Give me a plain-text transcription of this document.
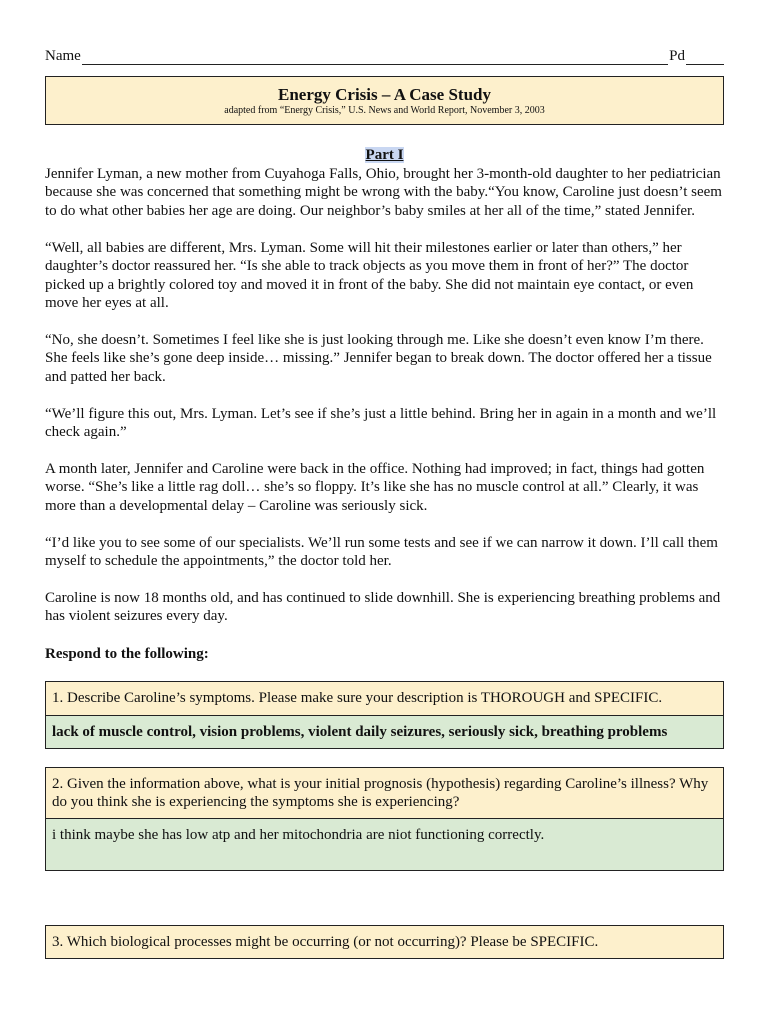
Name	Pd
Energy Crisis – A Case Study
adapted from “Energy Crisis,” U.S. News and World Report, November 3, 2003
Part I

Jennifer Lyman, a new mother from Cuyahoga Falls, Ohio, brought her 3-month-old daughter to her pediatrician because she was concerned that something might be wrong with the baby.“You know, Caroline just doesn’t seem to do what other babies her age are doing. Our neighbor’s baby smiles at her all of the time,” stated Jennifer.

“Well, all babies are different, Mrs. Lyman. Some will hit their milestones earlier or later than others,” her daughter’s doctor reassured her. “Is she able to track objects as you move them in front of her?” The doctor picked up a brightly colored toy and moved it in front of the baby. She did not maintain eye contact, or even move her eyes at all.

“No, she doesn’t. Sometimes I feel like she is just looking through me. Like she doesn’t even know I’m there. She feels like she’s gone deep inside… missing.” Jennifer began to break down. The doctor offered her a tissue and patted her back.

“We’ll figure this out, Mrs. Lyman. Let’s see if she’s just a little behind. Bring her in again in a month and we’ll check again.”

A month later, Jennifer and Caroline were back in the office. Nothing had improved; in fact, things had gotten worse. “She’s like a little rag doll… she’s so floppy. It’s like she has no muscle control at all.” Clearly, it was more than a developmental delay – Caroline was seriously sick.

“I’d like you to see some of our specialists. We’ll run some tests and see if we can narrow it down. I’ll call them myself to schedule the appointments,” the doctor told her.

Caroline is now 18 months old, and has continued to slide downhill. She is experiencing breathing problems and has violent seizures every day.

Respond to the following:
1. Describe Caroline’s symptoms. Please make sure your description is THOROUGH and SPECIFIC.
lack of muscle control, vision problems, violent daily seizures, seriously sick, breathing problems
2. Given the information above, what is your initial prognosis (hypothesis) regarding Caroline’s illness? Why do you think she is experiencing the symptoms she is experiencing?
i think maybe she has low atp and her mitochondria are niot functioning correctly.
3. Which biological processes might be occurring (or not occurring)? Please be SPECIFIC.
